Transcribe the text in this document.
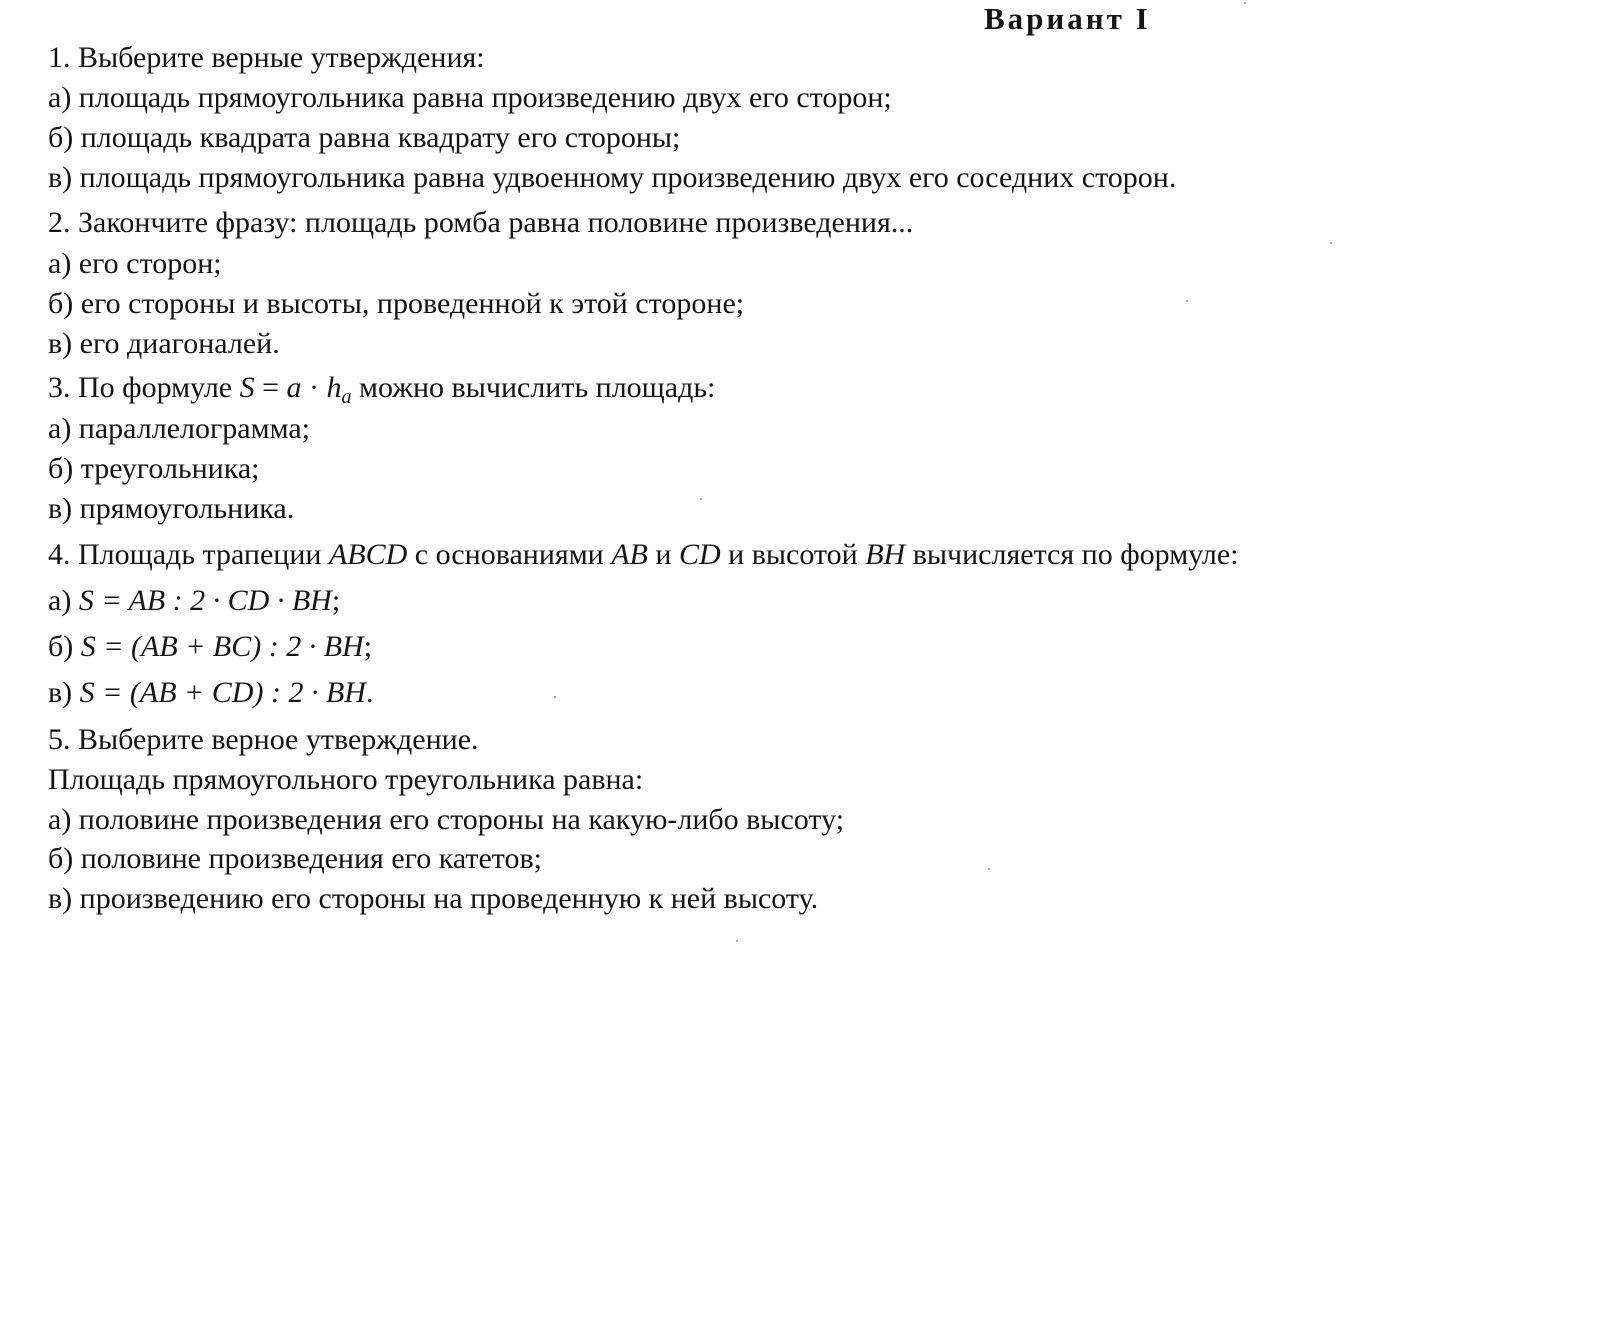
Вариант I
1. Выберите верные утверждения:
а) площадь прямоугольника равна произведению двух его сторон;
б) площадь квадрата равна квадрату его стороны;
в) площадь прямоугольника равна удвоенному произведению двух его соседних сторон.
2. Закончите фразу: площадь ромба равна половине произведения...
а) его сторон;
б) его стороны и высоты, проведенной к этой стороне;
в) его диагоналей.
3. По формуле $S = a \cdot h_a$ можно вычислить площадь:
а) параллелограмма;
б) треугольника;
в) прямоугольника.
4. Площадь трапеции ABCD с основаниями AB и CD и высотой BH вычисляется по формуле:
а) S = AB : 2 · CD · BH;
б) S = (AB + BC) : 2 · BH;
в) S = (AB + CD) : 2 · BH.
5. Выберите верное утверждение.
Площадь прямоугольного треугольника равна:
а) половине произведения его стороны на какую-либо высоту;
б) половине произведения его катетов;
в) произведению его стороны на проведенную к ней высоту.
